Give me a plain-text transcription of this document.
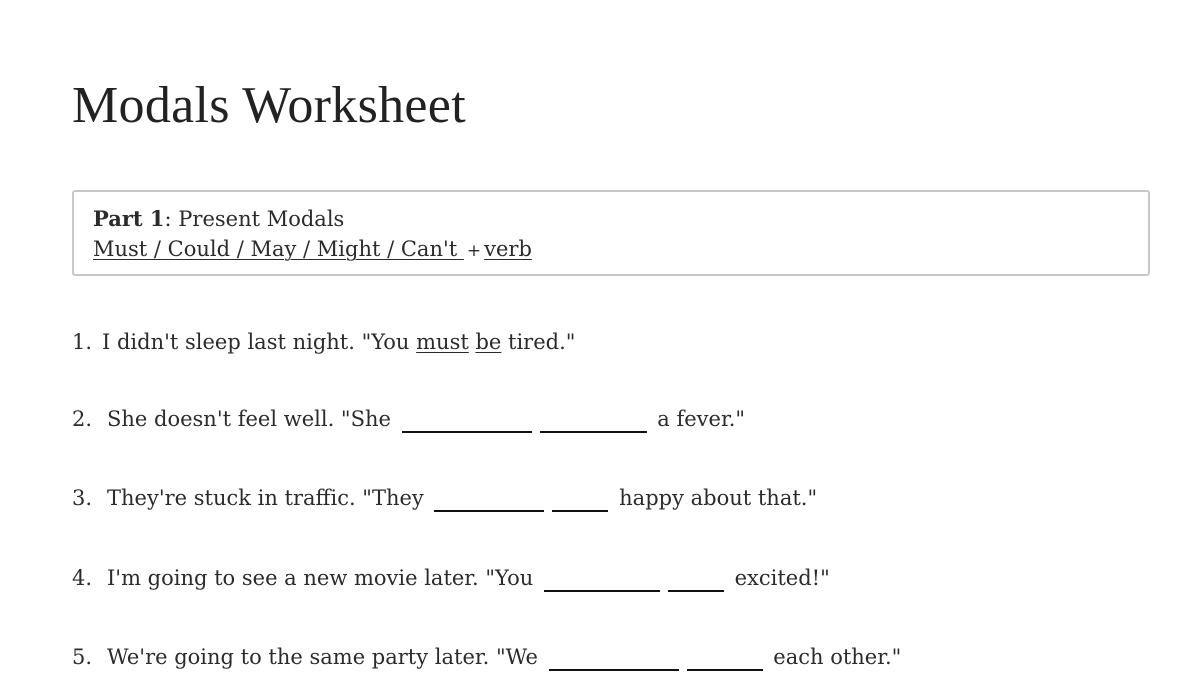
Modals Worksheet
Part 1: Present Modals
Must / Could / May / Might / Can't + verb
1. I didn't sleep last night. "You must be tired."
2. She doesn't feel well. "She	a fever."
3. They're stuck in traffic. "They	happy about that."
4. I'm going to see a new movie later. "You	excited!"
5. We're going to the same party later. "We	each other."
